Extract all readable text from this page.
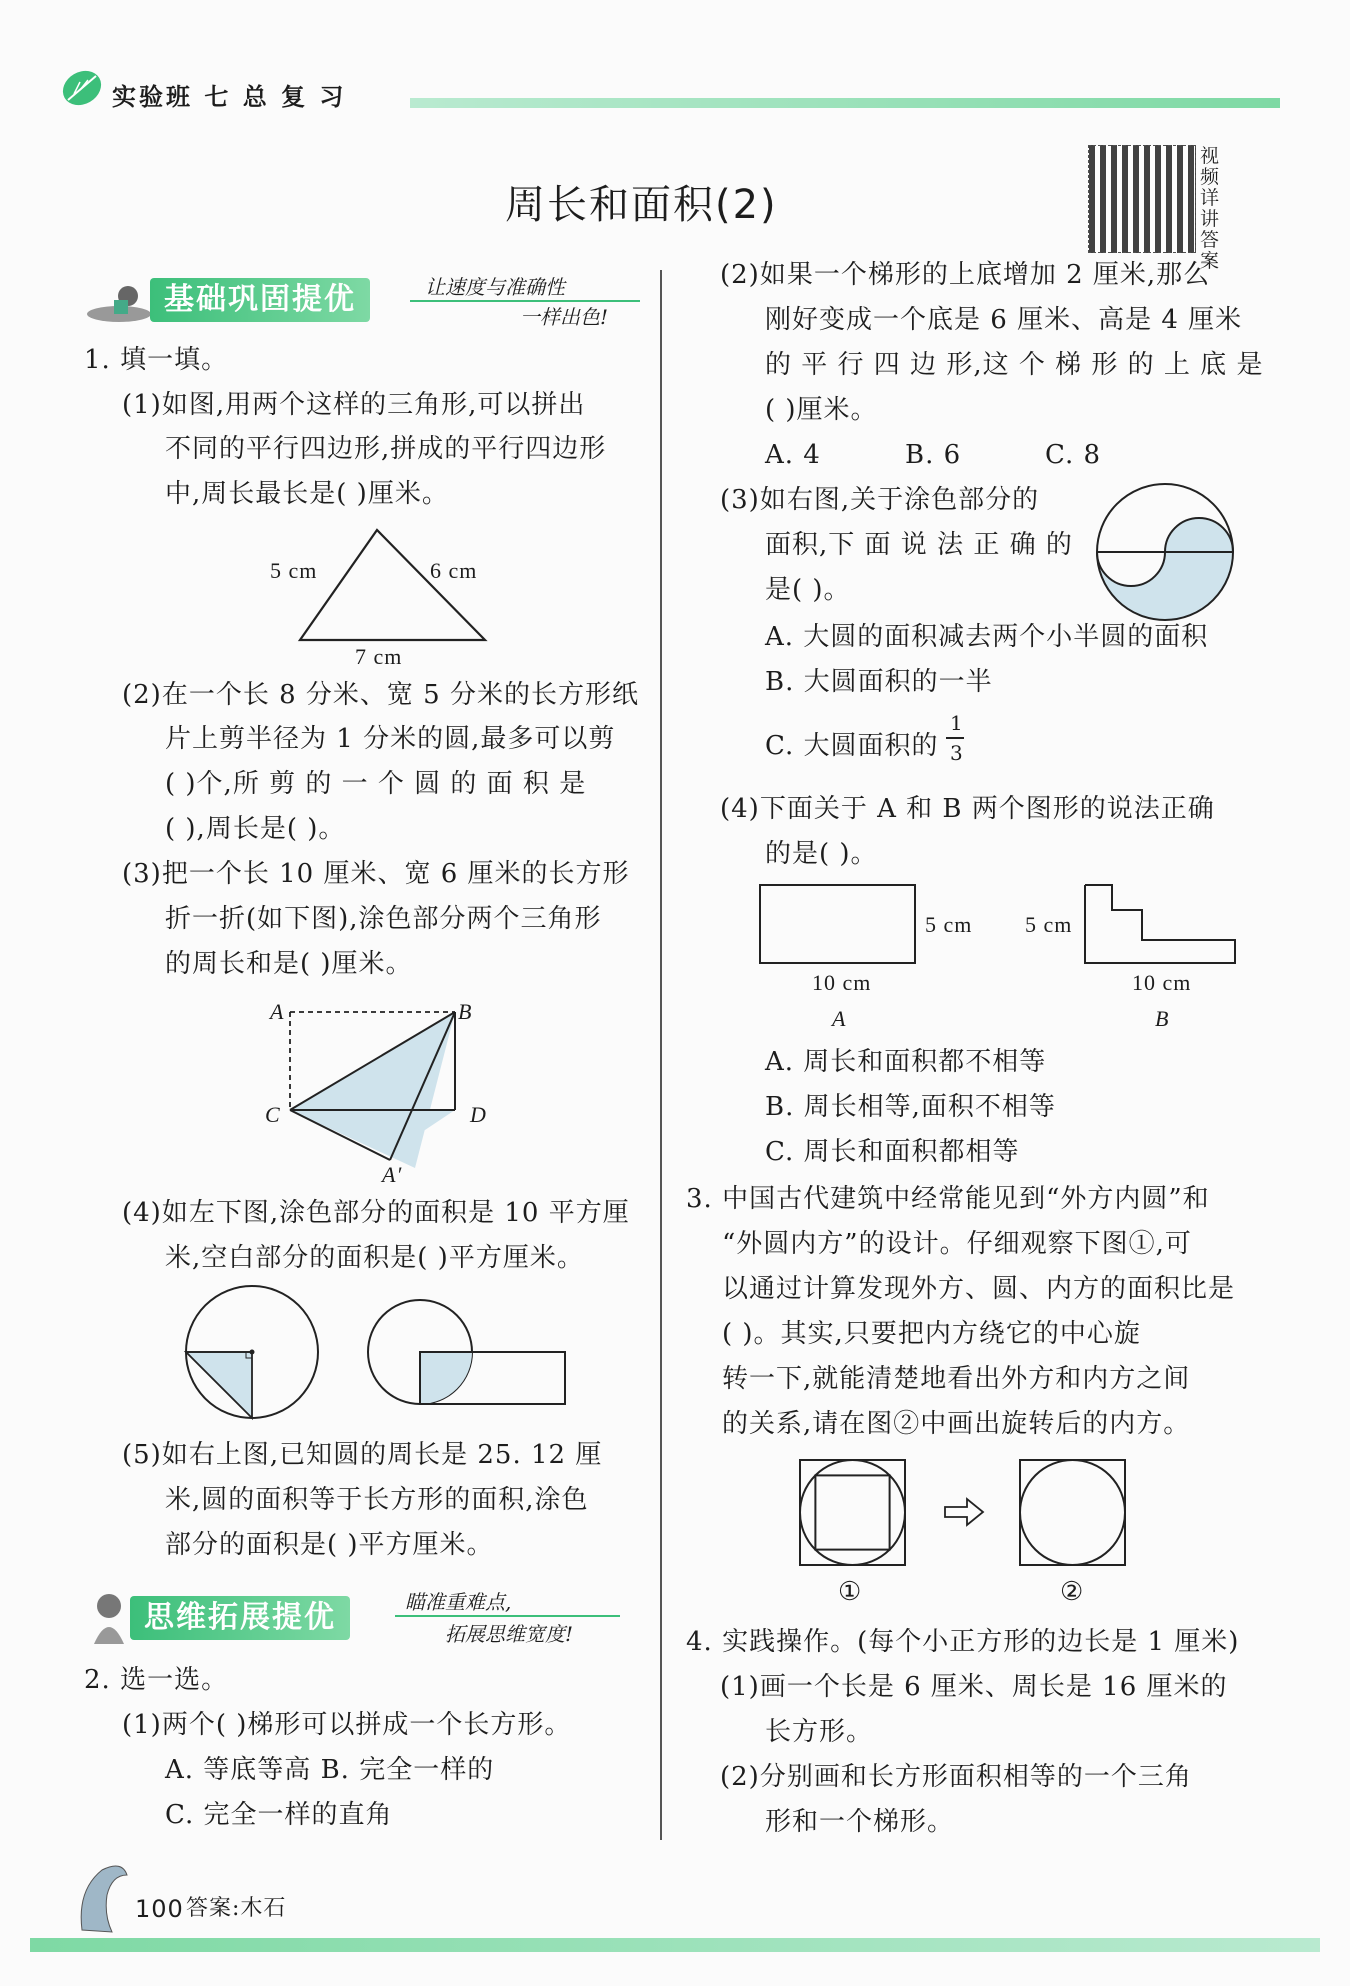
实验班 七 总 复 习
视频详讲答案
周长和面积(2)
基础巩固提优	让速度与准确性
一样出色!
1. 填一填。
(1)如图,用两个这样的三角形,可以拼出
不同的平行四边形,拼成的平行四边形
中,周长最长是( )厘米。
5 cm	6 cm
7 cm
(2)在一个长 8 分米、宽 5 分米的长方形纸
片上剪半径为 1 分米的圆,最多可以剪
( )个,所 剪 的 一 个 圆 的 面 积 是
( ),周长是( )。
(3)把一个长 10 厘米、宽 6 厘米的长方形
折一折(如下图),涂色部分两个三角形
的周长和是( )厘米。
A	B
C	D
A′
(4)如左下图,涂色部分的面积是 10 平方厘
米,空白部分的面积是( )平方厘米。
(5)如右上图,已知圆的周长是 25. 12 厘
米,圆的面积等于长方形的面积,涂色
部分的面积是( )平方厘米。
思维拓展提优	瞄准重难点,
拓展思维宽度!
2. 选一选。
(1)两个( )梯形可以拼成一个长方形。
A. 等底等高 B. 完全一样的
C. 完全一样的直角
(2)如果一个梯形的上底增加 2 厘米,那么
刚好变成一个底是 6 厘米、高是 4 厘米
的 平 行 四 边 形,这 个 梯 形 的 上 底 是
( )厘米。
A. 4	B. 6	C. 8
(3)如右图,关于涂色部分的
面积,下 面 说 法 正 确 的
是( )。
A. 大圆的面积减去两个小半圆的面积
B. 大圆面积的一半
C. 大圆面积的
1
3
(4)下面关于 A 和 B 两个图形的说法正确
的是( )。
5 cm
10 cm
A
5 cm
10 cm
B
A. 周长和面积都不相等
B. 周长相等,面积不相等
C. 周长和面积都相等
3. 中国古代建筑中经常能见到“外方内圆”和
“外圆内方”的设计。仔细观察下图①,可
以通过计算发现外方、圆、内方的面积比是
( )。其实,只要把内方绕它的中心旋
转一下,就能清楚地看出外方和内方之间
的关系,请在图②中画出旋转后的内方。
①	②
4. 实践操作。(每个小正方形的边长是 1 厘米)
(1)画一个长是 6 厘米、周长是 16 厘米的
长方形。
(2)分别画和长方形面积相等的一个三角
形和一个梯形。
100 答案:木石
